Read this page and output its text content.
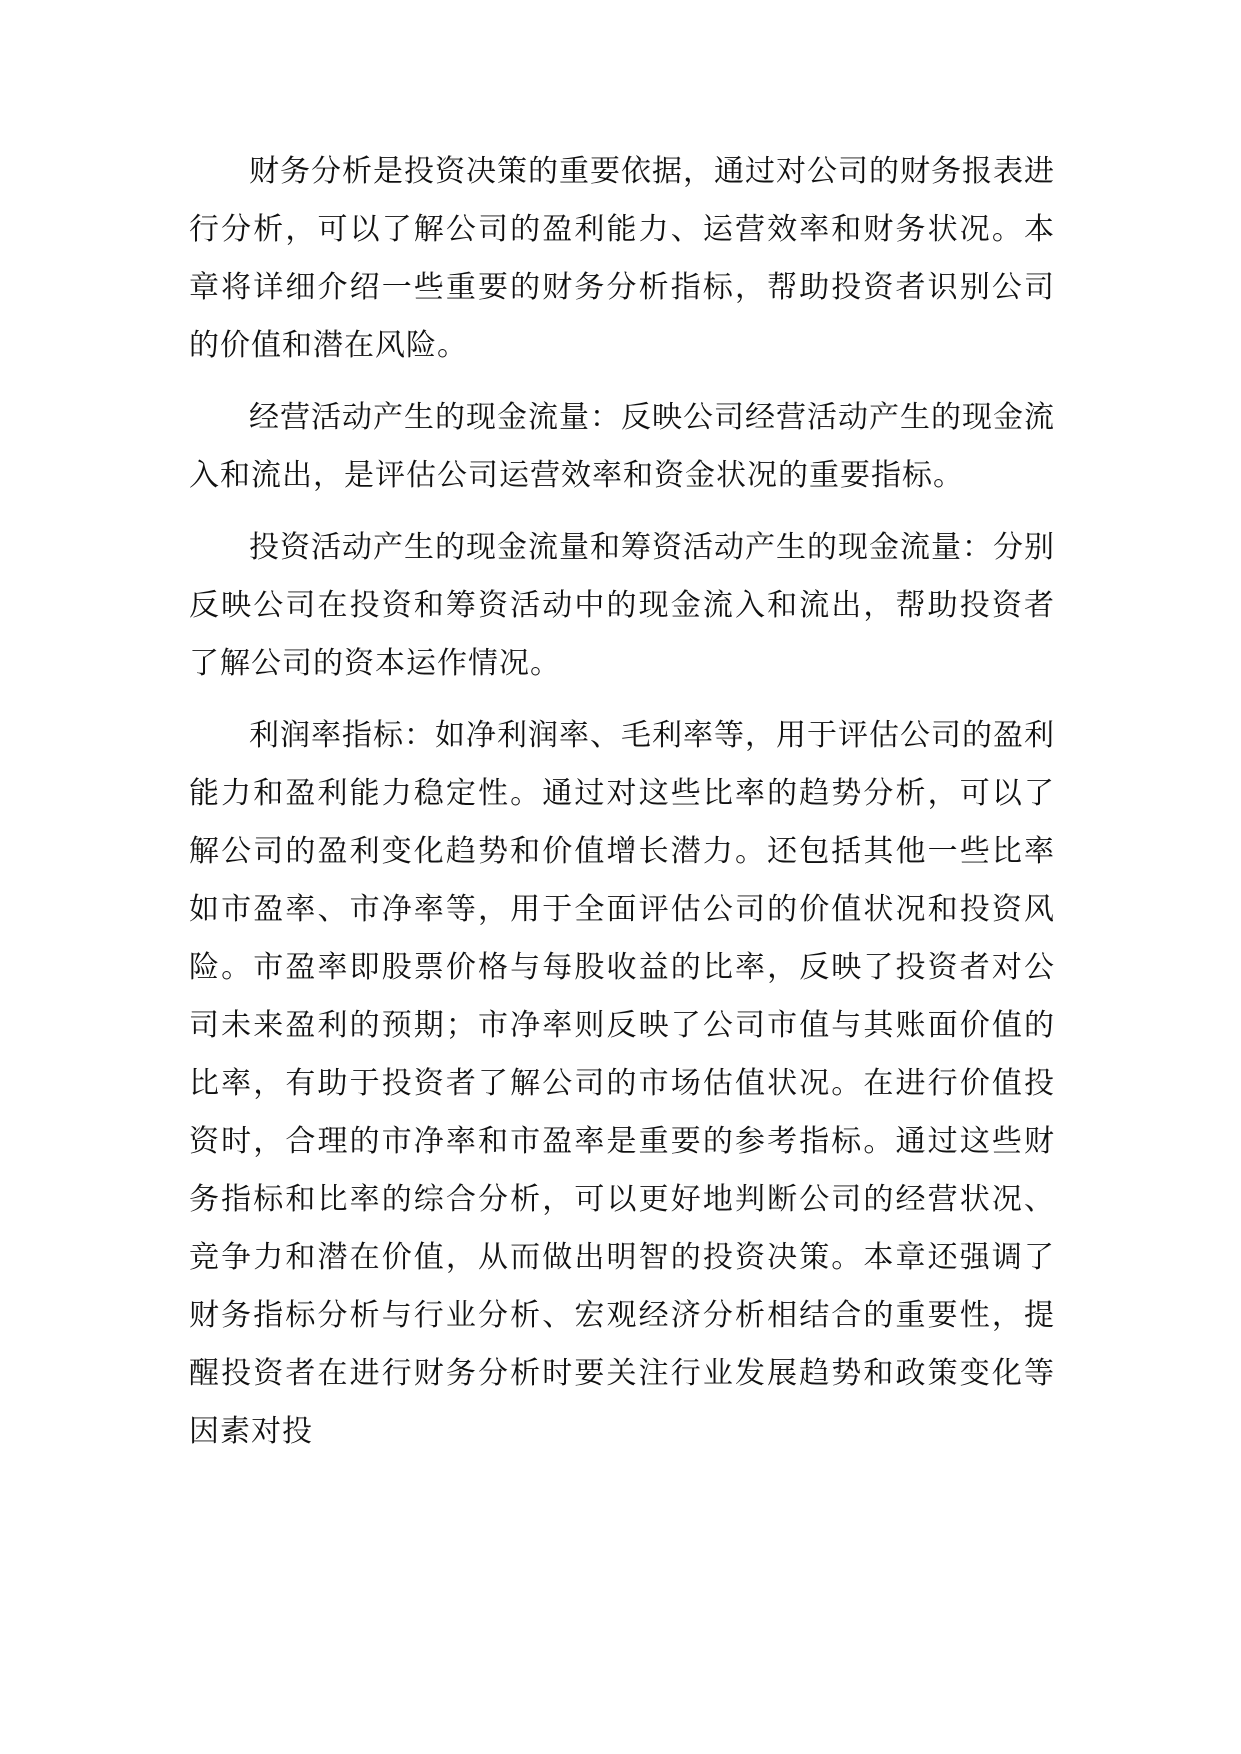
财务分析是投资决策的重要依据，通过对公司的财务报表进行分析，可以了解公司的盈利能力、运营效率和财务状况。本章将详细介绍一些重要的财务分析指标，帮助投资者识别公司的价值和潜在风险。

经营活动产生的现金流量：反映公司经营活动产生的现金流入和流出，是评估公司运营效率和资金状况的重要指标。

投资活动产生的现金流量和筹资活动产生的现金流量：分别反映公司在投资和筹资活动中的现金流入和流出，帮助投资者了解公司的资本运作情况。

利润率指标：如净利润率、毛利率等，用于评估公司的盈利能力和盈利能力稳定性。通过对这些比率的趋势分析，可以了解公司的盈利变化趋势和价值增长潜力。还包括其他一些比率如市盈率、市净率等，用于全面评估公司的价值状况和投资风险。市盈率即股票价格与每股收益的比率，反映了投资者对公司未来盈利的预期；市净率则反映了公司市值与其账面价值的比率，有助于投资者了解公司的市场估值状况。在进行价值投资时，合理的市净率和市盈率是重要的参考指标。通过这些财务指标和比率的综合分析，可以更好地判断公司的经营状况、竞争力和潜在价值，从而做出明智的投资决策。本章还强调了财务指标分析与行业分析、宏观经济分析相结合的重要性，提醒投资者在进行财务分析时要关注行业发展趋势和政策变化等因素对投
